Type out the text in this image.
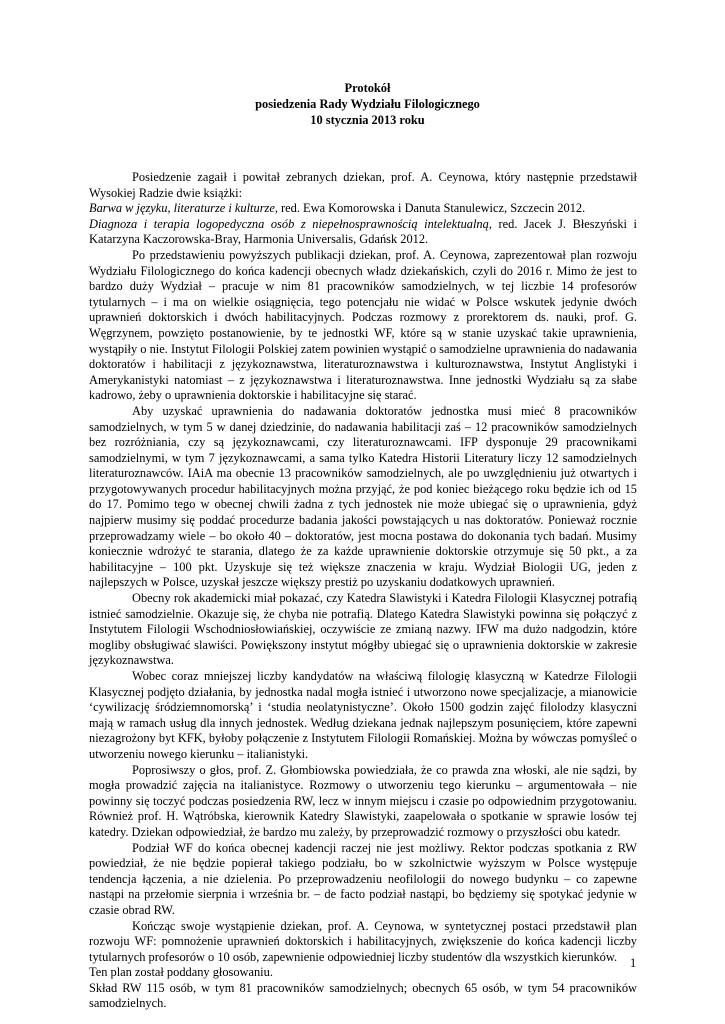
Protokół
posiedzenia Rady Wydziału Filologicznego
10 stycznia 2013 roku

Posiedzenie zagaił i powitał zebranych dziekan, prof. A. Ceynowa, który następnie przedstawił Wysokiej Radzie dwie książki:

Barwa w języku, literaturze i kulturze, red. Ewa Komorowska i Danuta Stanulewicz, Szczecin 2012.

Diagnoza i terapia logopedyczna osób z niepełnosprawnością intelektualną, red. Jacek J. Błeszyński i Katarzyna Kaczorowska-Bray, Harmonia Universalis, Gdańsk 2012.

Po przedstawieniu powyższych publikacji dziekan, prof. A. Ceynowa, zaprezentował plan rozwoju Wydziału Filologicznego do końca kadencji obecnych władz dziekańskich, czyli do 2016 r. Mimo że jest to bardzo duży Wydział – pracuje w nim 81 pracowników samodzielnych, w tej liczbie 14 profesorów tytularnych – i ma on wielkie osiągnięcia, tego potencjału nie widać w Polsce wskutek jedynie dwóch uprawnień doktorskich i dwóch habilitacyjnych. Podczas rozmowy z prorektorem ds. nauki, prof. G. Węgrzynem, powzięto postanowienie, by te jednostki WF, które są w stanie uzyskać takie uprawnienia, wystąpiły o nie. Instytut Filologii Polskiej zatem powinien wystąpić o samodzielne uprawnienia do nadawania doktoratów i habilitacji z językoznawstwa, literaturoznawstwa i kulturoznawstwa, Instytut Anglistyki i Amerykanistyki natomiast – z językoznawstwa i literaturoznawstwa. Inne jednostki Wydziału są za słabe kadrowo, żeby o uprawnienia doktorskie i habilitacyjne się starać.

Aby uzyskać uprawnienia do nadawania doktoratów jednostka musi mieć 8 pracowników samodzielnych, w tym 5 w danej dziedzinie, do nadawania habilitacji zaś – 12 pracowników samodzielnych bez rozróżniania, czy są językoznawcami, czy literaturoznawcami. IFP dysponuje 29 pracownikami samodzielnymi, w tym 7 językoznawcami, a sama tylko Katedra Historii Literatury liczy 12 samodzielnych literaturoznawców. IAiA ma obecnie 13 pracowników samodzielnych, ale po uwzględnieniu już otwartych i przygotowywanych procedur habilitacyjnych można przyjąć, że pod koniec bieżącego roku będzie ich od 15 do 17. Pomimo tego w obecnej chwili żadna z tych jednostek nie może ubiegać się o uprawnienia, gdyż najpierw musimy się poddać procedurze badania jakości powstających u nas doktoratów. Ponieważ rocznie przeprowadzamy wiele – bo około 40 – doktoratów, jest mocna postawa do dokonania tych badań. Musimy koniecznie wdrożyć te starania, dlatego że za każde uprawnienie doktorskie otrzymuje się 50 pkt., a za habilitacyjne – 100 pkt. Uzyskuje się też większe znaczenia w kraju. Wydział Biologii UG, jeden z najlepszych w Polsce, uzyskał jeszcze większy prestiż po uzyskaniu dodatkowych uprawnień.

Obecny rok akademicki miał pokazać, czy Katedra Slawistyki i Katedra Filologii Klasycznej potrafią istnieć samodzielnie. Okazuje się, że chyba nie potrafią. Dlatego Katedra Slawistyki powinna się połączyć z Instytutem Filologii Wschodniosłowiańskiej, oczywiście ze zmianą nazwy. IFW ma dużo nadgodzin, które mogliby obsługiwać slawiści. Powiększony instytut mógłby ubiegać się o uprawnienia doktorskie w zakresie językoznawstwa.

Wobec coraz mniejszej liczby kandydatów na właściwą filologię klasyczną w Katedrze Filologii Klasycznej podjęto działania, by jednostka nadal mogła istnieć i utworzono nowe specjalizacje, a mianowicie ‘cywilizację śródziemnomorską’ i ‘studia neolatynistyczne’. Około 1500 godzin zajęć filolodzy klasyczni mają w ramach usług dla innych jednostek. Według dziekana jednak najlepszym posunięciem, które zapewni niezagrożony byt KFK, byłoby połączenie z Instytutem Filologii Romańskiej. Można by wówczas pomyśleć o utworzeniu nowego kierunku – italianistyki.

Poprosiwszy o głos, prof. Z. Głombiowska powiedziała, że co prawda zna włoski, ale nie sądzi, by mogła prowadzić zajęcia na italianistyce. Rozmowy o utworzeniu tego kierunku – argumentowała – nie powinny się toczyć podczas posiedzenia RW, lecz w innym miejscu i czasie po odpowiednim przygotowaniu. Również prof. H. Wątróbska, kierownik Katedry Slawistyki, zaapelowała o spotkanie w sprawie losów tej katedry. Dziekan odpowiedział, że bardzo mu zależy, by przeprowadzić rozmowy o przyszłości obu katedr.

Podział WF do końca obecnej kadencji raczej nie jest możliwy. Rektor podczas spotkania z RW powiedział, że nie będzie popierał takiego podziału, bo w szkolnictwie wyższym w Polsce występuje tendencja łączenia, a nie dzielenia. Po przeprowadzeniu neofilologii do nowego budynku – co zapewne nastąpi na przełomie sierpnia i września br. – de facto podział nastąpi, bo będziemy się spotykać jedynie w czasie obrad RW.

Kończąc swoje wystąpienie dziekan, prof. A. Ceynowa, w syntetycznej postaci przedstawił plan rozwoju WF: pomnożenie uprawnień doktorskich i habilitacyjnych, zwiększenie do końca kadencji liczby tytularnych profesorów o 10 osób, zapewnienie odpowiedniej liczby studentów dla wszystkich kierunków.

Ten plan został poddany głosowaniu.

Skład RW 115 osób, w tym 81 pracowników samodzielnych; obecnych 65 osób, w tym 54 pracowników samodzielnych.

1
